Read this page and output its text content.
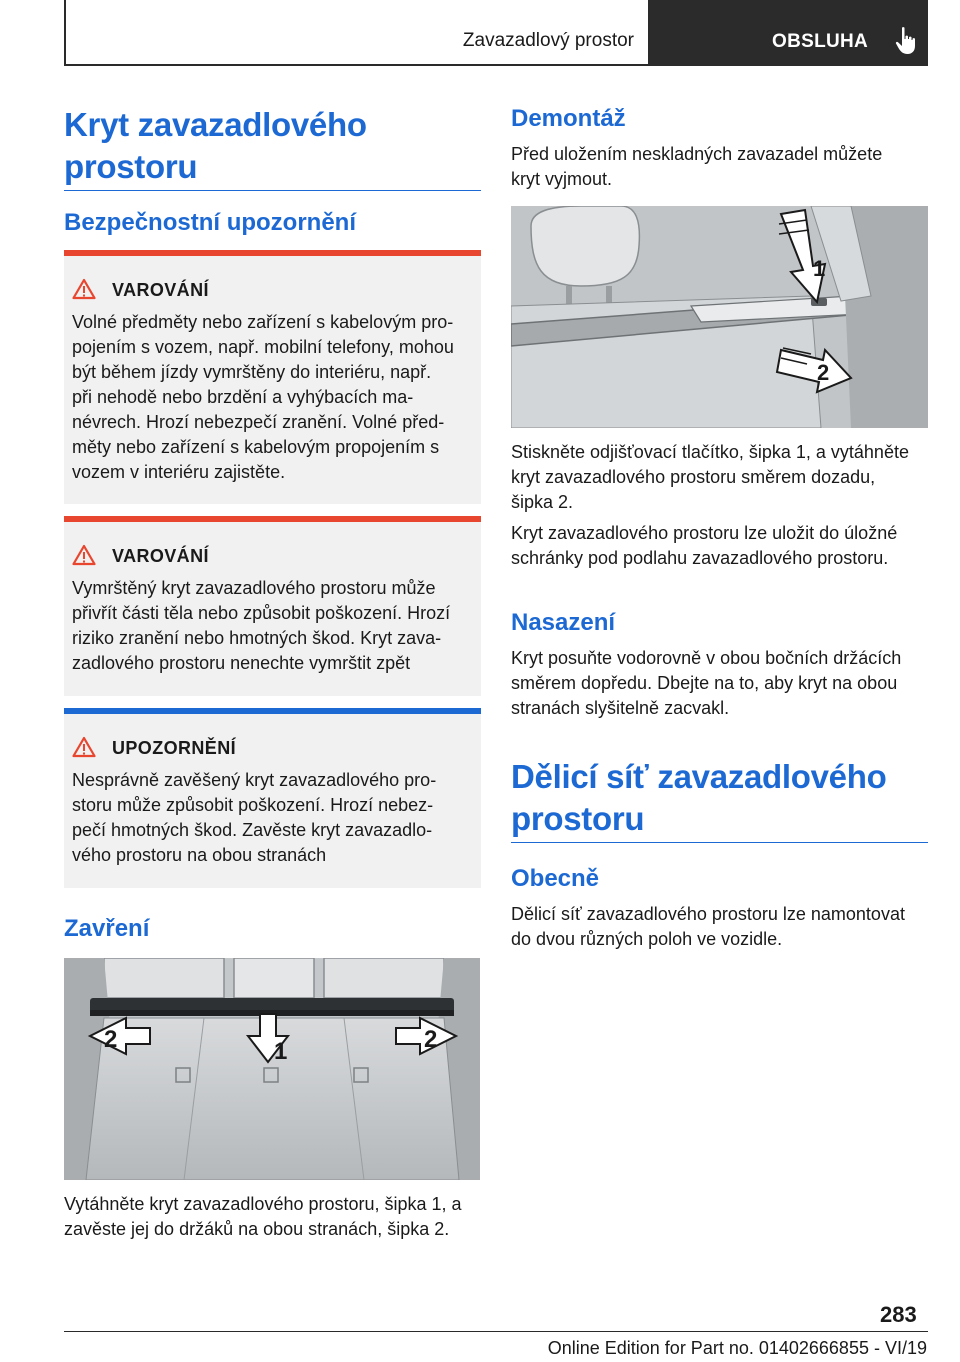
Zavazadlový prostor	OBSLUHA
Kryt zavazadlového
prostoru
Bezpečnostní upozornění
VAROVÁNÍ
Volné předměty nebo zařízení s kabelovým pro-
pojením s vozem, např. mobilní telefony, mohou
být během jízdy vymrštěny do interiéru, např.
při nehodě nebo brzdění a vyhýbacích ma-
névrech. Hrozí nebezpečí zranění. Volné před-
měty nebo zařízení s kabelovým propojením s
vozem v interiéru zajistěte.
VAROVÁNÍ
Vymrštěný kryt zavazadlového prostoru může
přivřít části těla nebo způsobit poškození. Hrozí
riziko zranění nebo hmotných škod. Kryt zava-
zadlového prostoru nenechte vymrštit zpět
UPOZORNĚNÍ
Nesprávně zavěšený kryt zavazadlového pro-
storu může způsobit poškození. Hrozí nebez-
pečí hmotných škod. Zavěste kryt zavazadlo-
vého prostoru na obou stranách
Zavření
2	1	2
Vytáhněte kryt zavazadlového prostoru, šipka 1, a
zavěste jej do držáků na obou stranách, šipka 2.
Demontáž
Před uložením neskladných zavazadel můžete
kryt vyjmout.
1
2
Stiskněte odjišťovací tlačítko, šipka 1, a vytáhněte
kryt zavazadlového prostoru směrem dozadu,
šipka 2.
Kryt zavazadlového prostoru lze uložit do úložné
schránky pod podlahu zavazadlového prostoru.
Nasazení
Kryt posuňte vodorovně v obou bočních držácích
směrem dopředu. Dbejte na to, aby kryt na obou
stranách slyšitelně zacvakl.
Dělicí síť zavazadlového
prostoru
Obecně
Dělicí síť zavazadlového prostoru lze namontovat
do dvou různých poloh ve vozidle.
283
Online Edition for Part no. 01402666855 - VI/19
